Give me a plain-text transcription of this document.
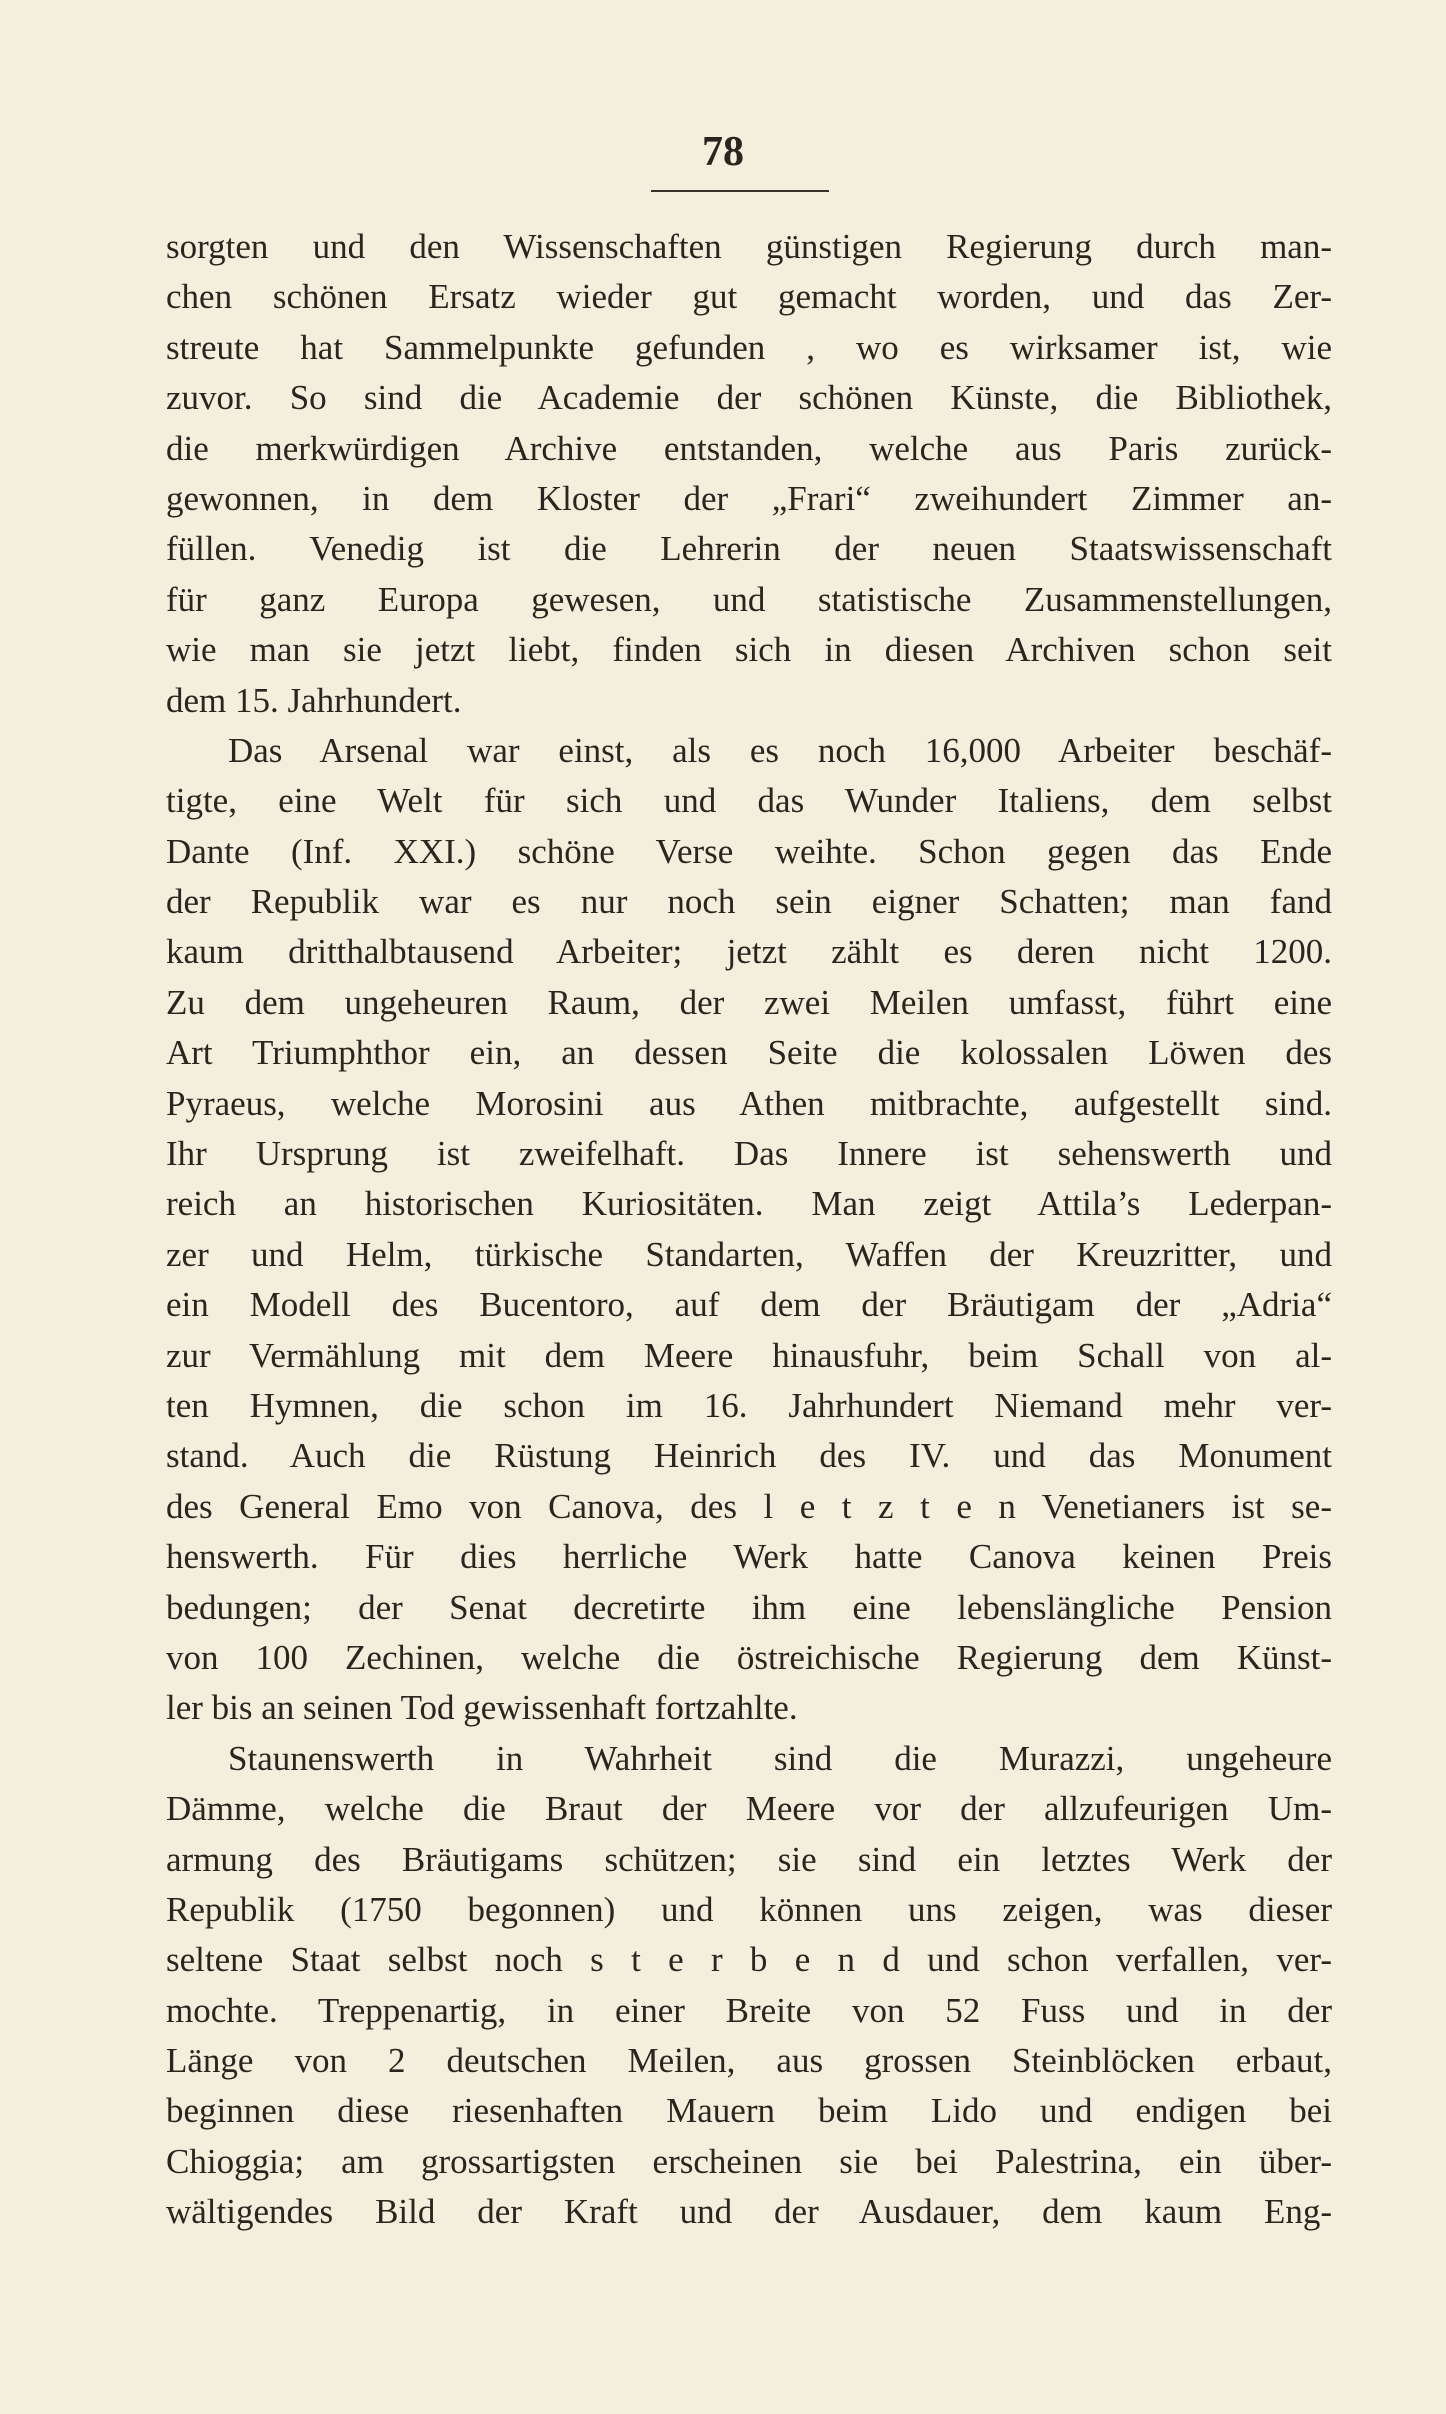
78
sorgten und den Wissenschaften günstigen Regierung durch man-
chen schönen Ersatz wieder gut gemacht worden, und das Zer-
streute hat Sammelpunkte gefunden , wo es wirksamer ist, wie
zuvor. So sind die Academie der schönen Künste, die Bibliothek,
die merkwürdigen Archive entstanden, welche aus Paris zurück-
gewonnen, in dem Kloster der „Frari“ zweihundert Zimmer an-
füllen. Venedig ist die Lehrerin der neuen Staatswissenschaft
für ganz Europa gewesen, und statistische Zusammenstellungen,
wie man sie jetzt liebt, finden sich in diesen Archiven schon seit
dem 15. Jahrhundert.
Das Arsenal war einst, als es noch 16,000 Arbeiter beschäf-
tigte, eine Welt für sich und das Wunder Italiens, dem selbst
Dante (Inf. XXI.) schöne Verse weihte. Schon gegen das Ende
der Republik war es nur noch sein eigner Schatten; man fand
kaum dritthalbtausend Arbeiter; jetzt zählt es deren nicht 1200.
Zu dem ungeheuren Raum, der zwei Meilen umfasst, führt eine
Art Triumphthor ein, an dessen Seite die kolossalen Löwen des
Pyraeus, welche Morosini aus Athen mitbrachte, aufgestellt sind.
Ihr Ursprung ist zweifelhaft. Das Innere ist sehenswerth und
reich an historischen Kuriositäten. Man zeigt Attila’s Lederpan-
zer und Helm, türkische Standarten, Waffen der Kreuzritter, und
ein Modell des Bucentoro, auf dem der Bräutigam der „Adria“
zur Vermählung mit dem Meere hinausfuhr, beim Schall von al-
ten Hymnen, die schon im 16. Jahrhundert Niemand mehr ver-
stand. Auch die Rüstung Heinrich des IV. und das Monument
des General Emo von Canova, des l e t z t e n Venetianers ist se-
henswerth. Für dies herrliche Werk hatte Canova keinen Preis
bedungen; der Senat decretirte ihm eine lebenslängliche Pension
von 100 Zechinen, welche die östreichische Regierung dem Künst-
ler bis an seinen Tod gewissenhaft fortzahlte.
Staunenswerth in Wahrheit sind die Murazzi, ungeheure
Dämme, welche die Braut der Meere vor der allzufeurigen Um-
armung des Bräutigams schützen; sie sind ein letztes Werk der
Republik (1750 begonnen) und können uns zeigen, was dieser
seltene Staat selbst noch s t e r b e n d und schon verfallen, ver-
mochte. Treppenartig, in einer Breite von 52 Fuss und in der
Länge von 2 deutschen Meilen, aus grossen Steinblöcken erbaut,
beginnen diese riesenhaften Mauern beim Lido und endigen bei
Chioggia; am grossartigsten erscheinen sie bei Palestrina, ein über-
wältigendes Bild der Kraft und der Ausdauer, dem kaum Eng-
